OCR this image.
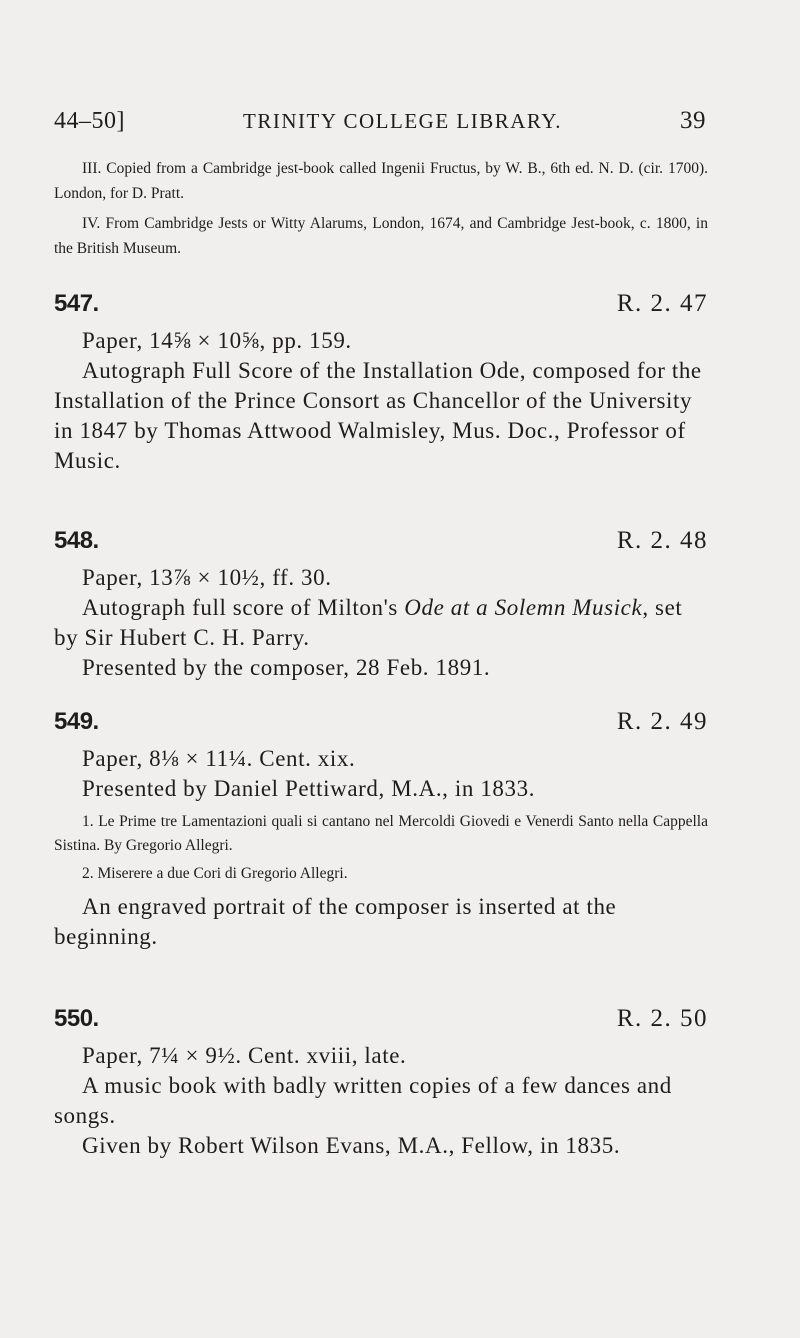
44–50]	TRINITY COLLEGE LIBRARY.	39

III. Copied from a Cambridge jest-book called Ingenii Fructus, by W. B., 6th ed. N. D. (cir. 1700). London, for D. Pratt.

IV. From Cambridge Jests or Witty Alarums, London, 1674, and Cambridge Jest-book, c. 1800, in the British Museum.

547.	R. 2. 47

Paper, 14⅝ × 10⅝, pp. 159.

Autograph Full Score of the Installation Ode, composed for the Installation of the Prince Consort as Chancellor of the University in 1847 by Thomas Attwood Walmisley, Mus. Doc., Professor of Music.

548.	R. 2. 48

Paper, 13⅞ × 10½, ff. 30.

Autograph full score of Milton's Ode at a Solemn Musick, set by Sir Hubert C. H. Parry.

Presented by the composer, 28 Feb. 1891.

549.	R. 2. 49

Paper, 8⅛ × 11¼. Cent. xix.

Presented by Daniel Pettiward, M.A., in 1833.

1. Le Prime tre Lamentazioni quali si cantano nel Mercoldi Giovedi e Venerdi Santo nella Cappella Sistina. By Gregorio Allegri.

2. Miserere a due Cori di Gregorio Allegri.

An engraved portrait of the composer is inserted at the beginning.

550.	R. 2. 50

Paper, 7¼ × 9½. Cent. xviii, late.

A music book with badly written copies of a few dances and songs.

Given by Robert Wilson Evans, M.A., Fellow, in 1835.
